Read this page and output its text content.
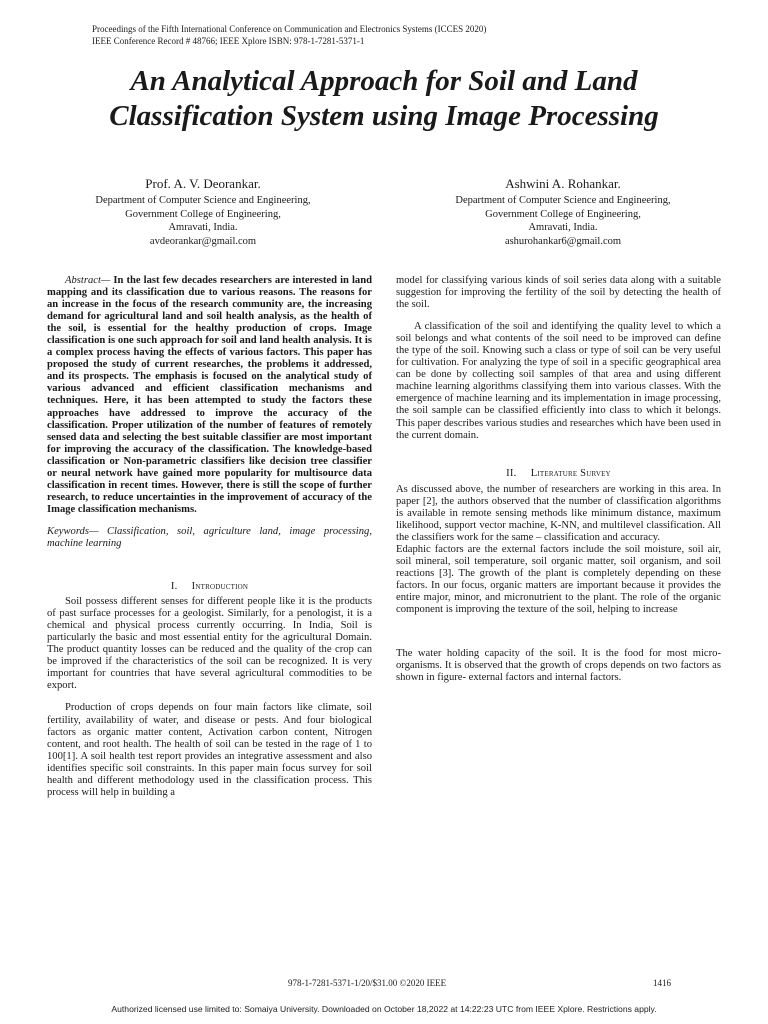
Proceedings of the Fifth International Conference on Communication and Electronics Systems (ICCES 2020)
IEEE Conference Record # 48766; IEEE Xplore ISBN: 978-1-7281-5371-1
An Analytical Approach for Soil and Land
Classification System using Image Processing
Prof. A. V. Deorankar.
Department of Computer Science and Engineering,
Government College of Engineering,
Amravati, India.
avdeorankar@gmail.com
Ashwini A. Rohankar.
Department of Computer Science and Engineering,
Government College of Engineering,
Amravati, India.
ashurohankar6@gmail.com

Abstract— In the last few decades researchers are interested in land mapping and its classification due to various reasons. The reasons for an increase in the focus of the research community are, the increasing demand for agricultural land and soil health analysis, as the health of the soil, is essential for the healthy production of crops. Image classification is one such approach for soil and land health analysis. It is a complex process having the effects of various factors. This paper has proposed the study of current researches, the problems it addressed, and its prospects. The emphasis is focused on the analytical study of various advanced and efficient classification mechanisms and techniques. Here, it has been attempted to study the factors these approaches have addressed to improve the accuracy of the classification. Proper utilization of the number of features of remotely sensed data and selecting the best suitable classifier are most important for improving the accuracy of the classification. The knowledge-based classification or Non-parametric classifiers like decision tree classifier or neural network have gained more popularity for multisource data classification in recent times. However, there is still the scope of further research, to reduce uncertainties in the improvement of accuracy of the Image classification mechanisms.

Keywords— Classification, soil, agriculture land, image processing, machine learning

I. Introduction

Soil possess different senses for different people like it is the products of past surface processes for a geologist. Similarly, for a penologist, it is a chemical and physical process currently occurring. In India, Soil is particularly the basic and most essential entity for the agricultural Domain. The product quantity losses can be reduced and the quality of the crop can be improved if the characteristics of the soil can be recognized. It is very important for countries that have several agricultural commodities to be export.

Production of crops depends on four main factors like climate, soil fertility, availability of water, and disease or pests. And four biological factors as organic matter content, Activation carbon content, Nitrogen content, and root health. The health of soil can be tested in the rage of 1 to 100[1]. A soil health test report provides an integrative assessment and also identifies specific soil constraints. In this paper main focus survey for soil health and different methodology used in the classification process. This process will help in building a

model for classifying various kinds of soil series data along with a suitable suggestion for improving the fertility of the soil by detecting the health of the soil.

A classification of the soil and identifying the quality level to which a soil belongs and what contents of the soil need to be improved can define the type of the soil. Knowing such a class or type of soil can be very useful for cultivation. For analyzing the type of soil in a specific geographical area can be done by collecting soil samples of that area and using different machine learning algorithms classifying them into various classes. With the emergence of machine learning and its implementation in image processing, the soil sample can be classified efficiently into class to which it belongs. This paper describes various studies and researches which have been used in the current domain.

II. Literature Survey

As discussed above, the number of researchers are working in this area. In paper [2], the authors observed that the number of classification algorithms is available in remote sensing methods like minimum distance, maximum likelihood, support vector machine, K-NN, and multilevel classification. All the classifiers work for the same – classification and accuracy.

Edaphic factors are the external factors include the soil moisture, soil air, soil mineral, soil temperature, soil organic matter, soil organism, and soil reactions [3]. The growth of the plant is completely depending on these factors. In our focus, organic matters are important because it provides the entire major, minor, and micronutrient to the plant. The role of the organic component is improving the texture of the soil, helping to increase

The water holding capacity of the soil. It is the food for most micro-organisms. It is observed that the growth of crops depends on two factors as shown in figure- external factors and internal factors.

978-1-7281-5371-1/20/$31.00 ©2020 IEEE	1416
Authorized licensed use limited to: Somaiya University. Downloaded on October 18,2022 at 14:22:23 UTC from IEEE Xplore. Restrictions apply.
